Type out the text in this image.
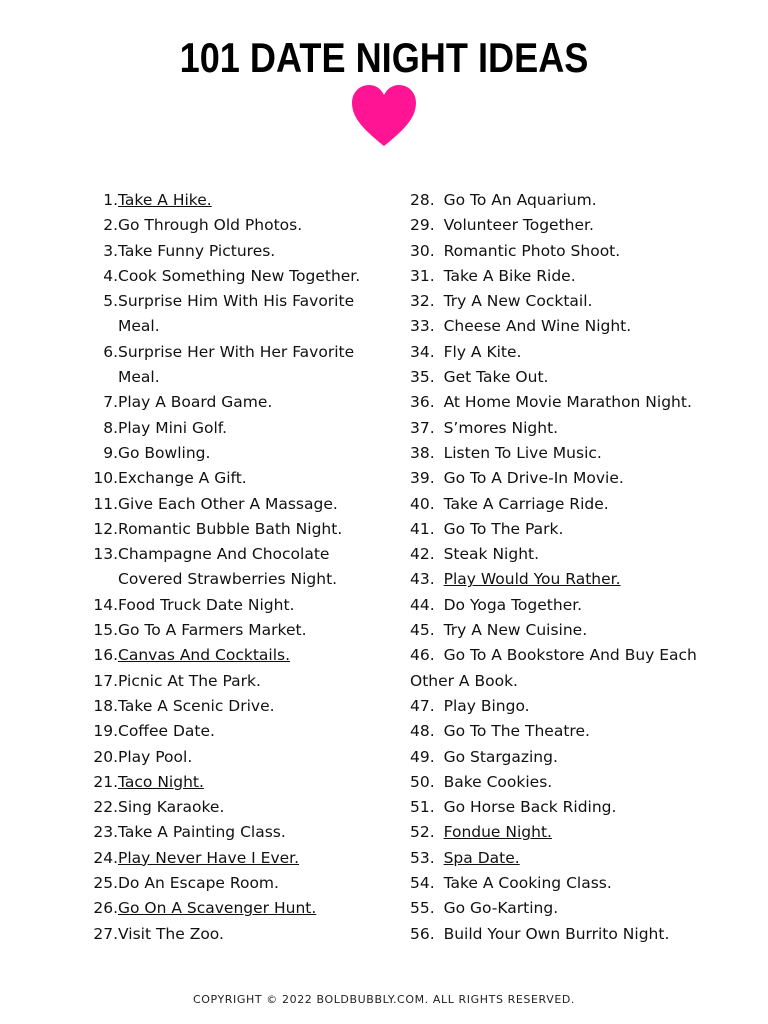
101 DATE NIGHT IDEAS
1. Take A Hike.
2. Go Through Old Photos.
3. Take Funny Pictures.
4. Cook Something New Together.
5. Surprise Him With His Favorite Meal.
6. Surprise Her With Her Favorite Meal.
7. Play A Board Game.
8. Play Mini Golf.
9. Go Bowling.
10. Exchange A Gift.
11. Give Each Other A Massage.
12. Romantic Bubble Bath Night.
13. Champagne And Chocolate Covered Strawberries Night.
14. Food Truck Date Night.
15. Go To A Farmers Market.
16. Canvas And Cocktails.
17. Picnic At The Park.
18. Take A Scenic Drive.
19. Coffee Date.
20. Play Pool.
21. Taco Night.
22. Sing Karaoke.
23. Take A Painting Class.
24. Play Never Have I Ever.
25. Do An Escape Room.
26. Go On A Scavenger Hunt.
27. Visit The Zoo.
28. Go To An Aquarium.
29. Volunteer Together.
30. Romantic Photo Shoot.
31. Take A Bike Ride.
32. Try A New Cocktail.
33. Cheese And Wine Night.
34. Fly A Kite.
35. Get Take Out.
36. At Home Movie Marathon Night.
37. S’mores Night.
38. Listen To Live Music.
39. Go To A Drive-In Movie.
40. Take A Carriage Ride.
41. Go To The Park.
42. Steak Night.
43. Play Would You Rather.
44. Do Yoga Together.
45. Try A New Cuisine.
46. Go To A Bookstore And Buy Each Other A Book.
47. Play Bingo.
48. Go To The Theatre.
49. Go Stargazing.
50. Bake Cookies.
51. Go Horse Back Riding.
52. Fondue Night.
53. Spa Date.
54. Take A Cooking Class.
55. Go Go-Karting.
56. Build Your Own Burrito Night.
COPYRIGHT © 2022 BOLDBUBBLY.COM. ALL RIGHTS RESERVED.
